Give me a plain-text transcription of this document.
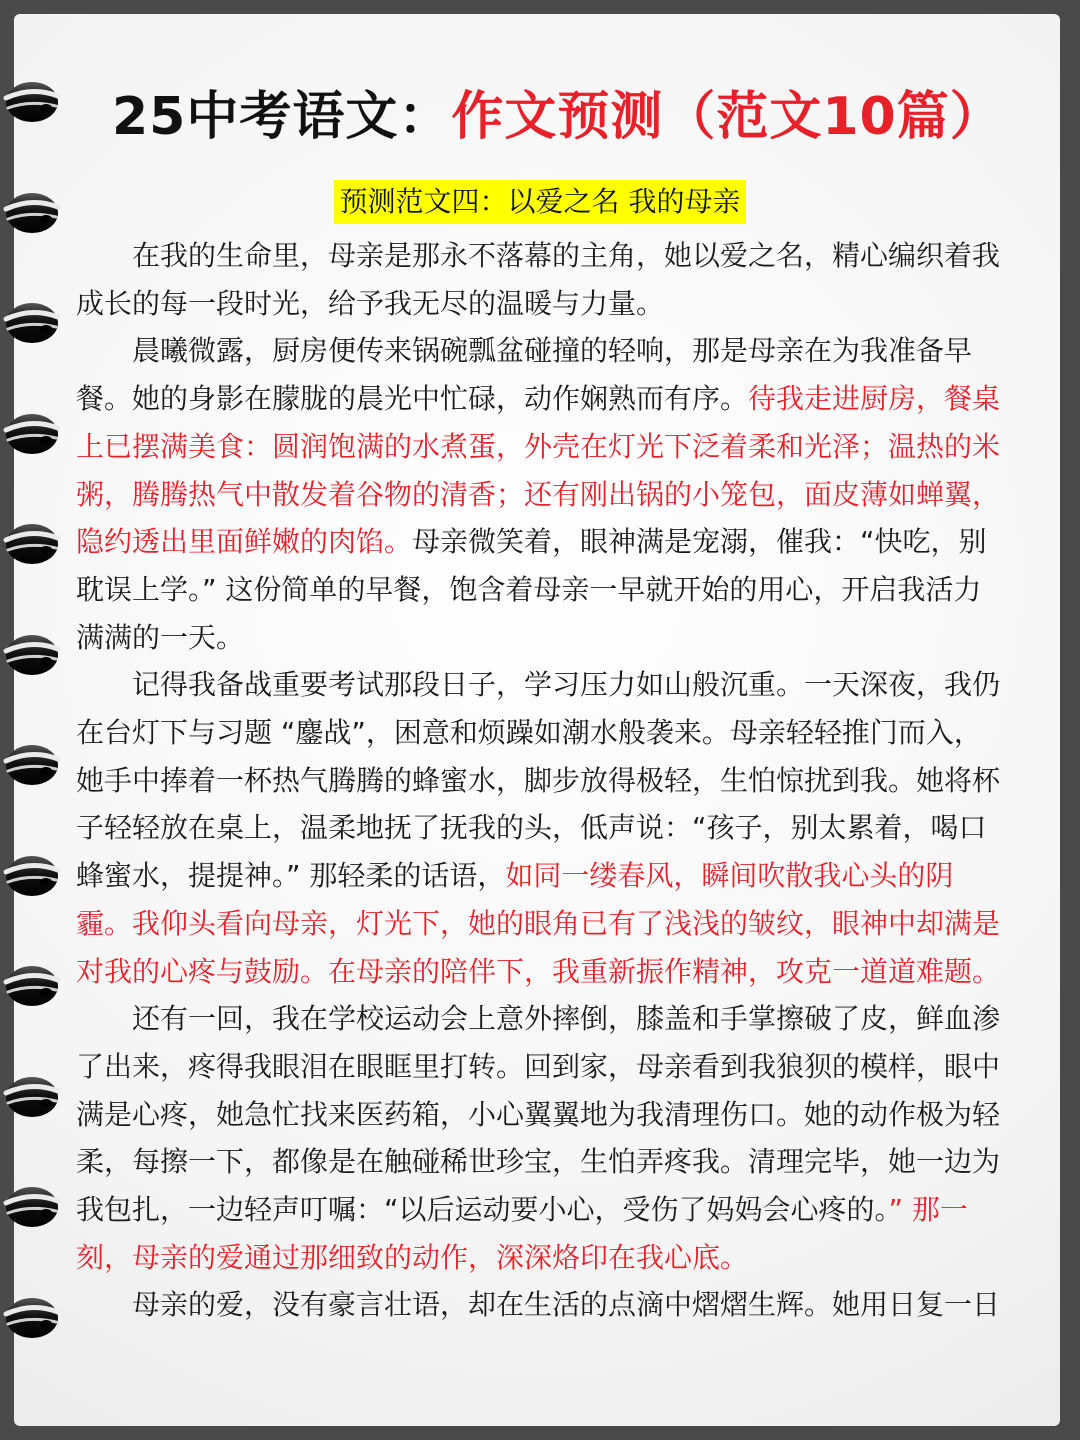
25中考语文：作文预测（范文10篇）
预测范文四：以爱之名 我的母亲

在我的生命里，母亲是那永不落幕的主角，她以爱之名，精心编织着我成长的每一段时光，给予我无尽的温暖与力量。

晨曦微露，厨房便传来锅碗瓢盆碰撞的轻响，那是母亲在为我准备早餐。她的身影在朦胧的晨光中忙碌，动作娴熟而有序。待我走进厨房，餐桌上已摆满美食：圆润饱满的水煮蛋，外壳在灯光下泛着柔和光泽；温热的米粥，腾腾热气中散发着谷物的清香；还有刚出锅的小笼包，面皮薄如蝉翼，隐约透出里面鲜嫩的肉馅。母亲微笑着，眼神满是宠溺，催我：“快吃，别耽误上学。” 这份简单的早餐，饱含着母亲一早就开始的用心，开启我活力满满的一天。

记得我备战重要考试那段日子，学习压力如山般沉重。一天深夜，我仍在台灯下与习题 “鏖战”，困意和烦躁如潮水般袭来。母亲轻轻推门而入，她手中捧着一杯热气腾腾的蜂蜜水，脚步放得极轻，生怕惊扰到我。她将杯子轻轻放在桌上，温柔地抚了抚我的头，低声说：“孩子，别太累着，喝口蜂蜜水，提提神。” 那轻柔的话语，如同一缕春风，瞬间吹散我心头的阴霾。我仰头看向母亲，灯光下，她的眼角已有了浅浅的皱纹，眼神中却满是对我的心疼与鼓励。在母亲的陪伴下，我重新振作精神，攻克一道道难题。

还有一回，我在学校运动会上意外摔倒，膝盖和手掌擦破了皮，鲜血渗了出来，疼得我眼泪在眼眶里打转。回到家，母亲看到我狼狈的模样，眼中满是心疼，她急忙找来医药箱，小心翼翼地为我清理伤口。她的动作极为轻柔，每擦一下，都像是在触碰稀世珍宝，生怕弄疼我。清理完毕，她一边为我包扎，一边轻声叮嘱：“以后运动要小心，受伤了妈妈会心疼的。” 那一刻，母亲的爱通过那细致的动作，深深烙印在我心底。

母亲的爱，没有豪言壮语，却在生活的点滴中熠熠生辉。她用日复一日
